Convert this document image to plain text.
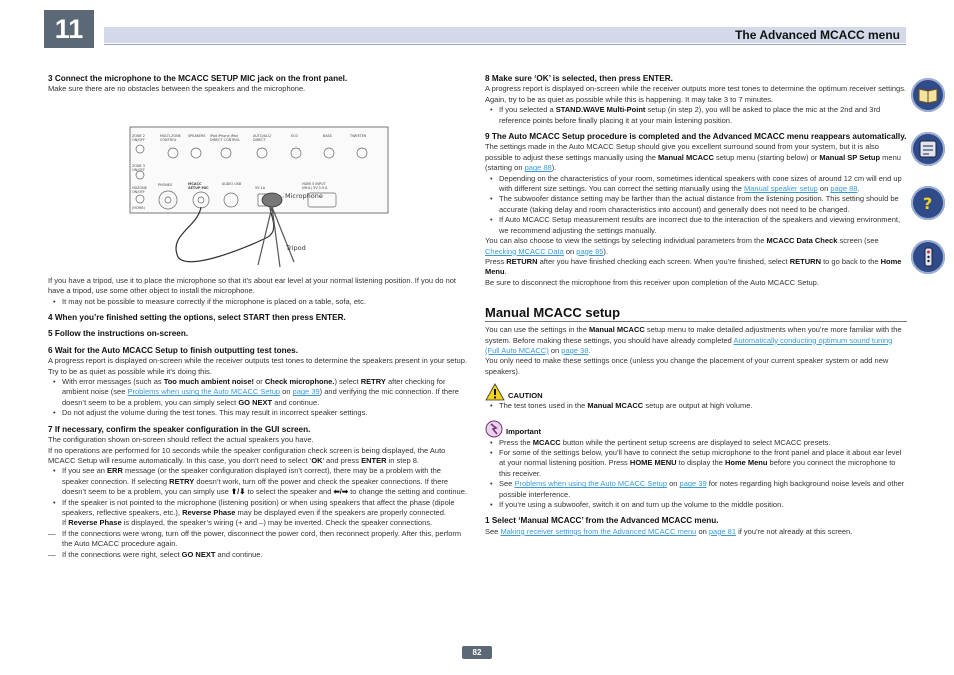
11	The Advanced MCACC menu

3 Connect the microphone to the MCACC SETUP MIC jack on the front panel.

Make sure there are no obstacles between the speakers and the microphone.

ZONE 2 ON/OFF
MULTI-ZONE CONTROL
SPEAKERS iPod iPhone iPad DIRECT CONTROL
AUTO/ALC/ DIRECT
ECO	BASS	TWEETER
ZONE 3 ON/OFF
HDZONE ON/OFF
(HOME)
PHONES	MCACC SETUP MIC
AUDIO USB
5V 1A
HDMI 5 INPUT (MHL) 5V 0.9 A
Microphone
Tripod

If you have a tripod, use it to place the microphone so that it’s about ear level at your normal listening position. If you do not have a tripod, use some other object to install the microphone.

• It may not be possible to measure correctly if the microphone is placed on a table, sofa, etc.

4 When you’re finished setting the options, select START then press ENTER.

5 Follow the instructions on-screen.

6 Wait for the Auto MCACC Setup to finish outputting test tones.

A progress report is displayed on-screen while the receiver outputs test tones to determine the speakers present in your setup. Try to be as quiet as possible while it’s doing this.

• With error messages (such as Too much ambient noise! or Check microphone.) select RETRY after checking for ambient noise (see Problems when using the Auto MCACC Setup on page 39) and verifying the mic connection. If there doesn’t seem to be a problem, you can simply select GO NEXT and continue.
• Do not adjust the volume during the test tones. This may result in incorrect speaker settings.

7 If necessary, confirm the speaker configuration in the GUI screen.

The configuration shown on-screen should reflect the actual speakers you have.

If no operations are performed for 10 seconds while the speaker configuration check screen is being displayed, the Auto MCACC Setup will resume automatically. In this case, you don’t need to select ‘OK’ and press ENTER in step 8.

• If you see an ERR message (or the speaker configuration displayed isn’t correct), there may be a problem with the speaker connection. If selecting RETRY doesn’t work, turn off the power and check the speaker connections. If there doesn’t seem to be a problem, you can simply use ⬆/⬇ to select the speaker and ⬅/➡ to change the setting and continue.
• If the speaker is not pointed to the microphone (listening position) or when using speakers that affect the phase (dipole speakers, reflective speakers, etc.), Reverse Phase may be displayed even if the speakers are properly connected.

If Reverse Phase is displayed, the speaker’s wiring (+ and –) may be inverted. Check the speaker connections.

— If the connections were wrong, turn off the power, disconnect the power cord, then reconnect properly. After this, perform the Auto MCACC procedure again.

— If the connections were right, select GO NEXT and continue.

8 Make sure ‘OK’ is selected, then press ENTER.

A progress report is displayed on-screen while the receiver outputs more test tones to determine the optimum receiver settings.

Again, try to be as quiet as possible while this is happening. It may take 3 to 7 minutes.

• If you selected a STAND.WAVE Multi-Point setup (in step 2), you will be asked to place the mic at the 2nd and 3rd reference points before finally placing it at your main listening position.

9 The Auto MCACC Setup procedure is completed and the Advanced MCACC menu reappears automatically.

The settings made in the Auto MCACC Setup should give you excellent surround sound from your system, but it is also possible to adjust these settings manually using the Manual MCACC setup menu (starting below) or Manual SP Setup menu (starting on page 88).

• Depending on the characteristics of your room, sometimes identical speakers with cone sizes of around 12 cm will end up with different size settings. You can correct the setting manually using the Manual speaker setup on page 88.
• The subwoofer distance setting may be farther than the actual distance from the listening position. This setting should be accurate (taking delay and room characteristics into account) and generally does not need to be changed.
• If Auto MCACC Setup measurement results are incorrect due to the interaction of the speakers and viewing environment, we recommend adjusting the settings manually.

You can also choose to view the settings by selecting individual parameters from the MCACC Data Check screen (see Checking MCACC Data on page 85).

Press RETURN after you have finished checking each screen. When you’re finished, select RETURN to go back to the Home Menu.

Be sure to disconnect the microphone from this receiver upon completion of the Auto MCACC Setup.

Manual MCACC setup

You can use the settings in the Manual MCACC setup menu to make detailed adjustments when you’re more familiar with the system. Before making these settings, you should have already completed Automatically conducting optimum sound tuning (Full Auto MCACC) on page 38.

You only need to make these settings once (unless you change the placement of your current speaker system or add new speakers).

CAUTION
• The test tones used in the Manual MCACC setup are output at high volume.
Important
• Press the MCACC button while the pertinent setup screens are displayed to select MCACC presets.
• For some of the settings below, you’ll have to connect the setup microphone to the front panel and place it about ear level at your normal listening position. Press HOME MENU to display the Home Menu before you connect the microphone to this receiver.
• See Problems when using the Auto MCACC Setup on page 39 for notes regarding high background noise levels and other possible interference.
• If you’re using a subwoofer, switch it on and turn up the volume to the middle position.

1 Select ‘Manual MCACC’ from the Advanced MCACC menu.

See Making receiver settings from the Advanced MCACC menu on page 81 if you’re not already at this screen.

?
82
